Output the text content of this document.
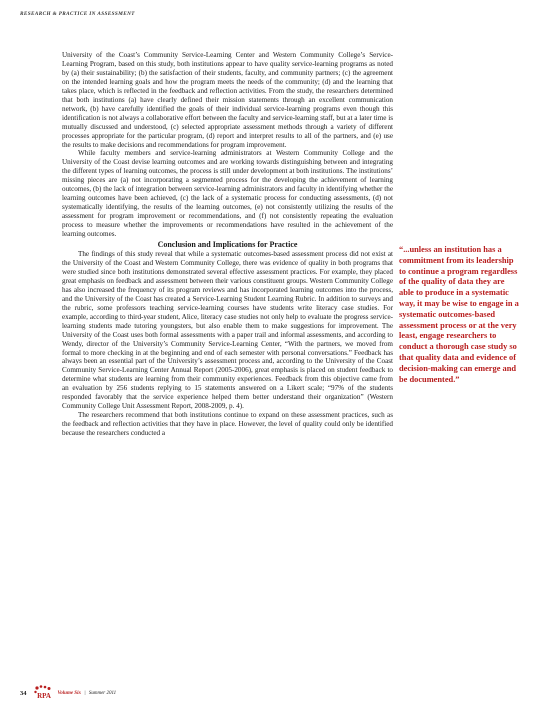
RESEARCH & PRACTICE IN ASSESSMENT

University of the Coast’s Community Service-Learning Center and Western Community College’s Service-Learning Program, based on this study, both institutions appear to have quality service-learning programs as noted by (a) their sustainability; (b) the satisfaction of their students, faculty, and community partners; (c) the agreement on the intended learning goals and how the program meets the needs of the community; (d) and the learning that takes place, which is reflected in the feedback and reflection activities. From the study, the researchers determined that both institutions (a) have clearly defined their mission statements through an excellent communication network, (b) have carefully identified the goals of their individual service-learning programs even though this identification is not always a collaborative effort between the faculty and service-learning staff, but at a later time is mutually discussed and understood, (c) selected appropriate assessment methods through a variety of different processes appropriate for the particular program, (d) report and interpret results to all of the partners, and (e) use the results to make decisions and recommendations for program improvement.

While faculty members and service-learning administrators at Western Community College and the University of the Coast devise learning outcomes and are working towards distinguishing between and integrating the different types of learning outcomes, the process is still under development at both institutions. The institutions’ missing pieces are (a) not incorporating a segmented process for the developing the achievement of learning outcomes, (b) the lack of integration between service-learning administrators and faculty in identifying whether the learning outcomes have been achieved, (c) the lack of a systematic process for conducting assessments, (d) not systematically identifying, the results of the learning outcomes, (e) not consistently utilizing the results of the assessment for program improvement or recommendations, and (f) not consistently repeating the evaluation process to measure whether the improvements or recommendations have resulted in the achievement of the learning outcomes.

Conclusion and Implications for Practice

The findings of this study reveal that while a systematic outcomes-based assessment process did not exist at the University of the Coast and Western Community College, there was evidence of quality in both programs that were studied since both institutions demonstrated several effective assessment practices. For example, they placed great emphasis on feedback and assessment between their various constituent groups. Western Community College has also increased the frequency of its program reviews and has incorporated learning outcomes into the process, and the University of the Coast has created a Service-Learning Student Learning Rubric. In addition to surveys and the rubric, some professors teaching service-learning courses have students write literacy case studies. For example, according to third-year student, Alice, literacy case studies not only help to evaluate the progress service-learning students made tutoring youngsters, but also enable them to make suggestions for improvement. The University of the Coast uses both formal assessments with a paper trail and informal assessments, and according to Wendy, director of the University’s Community Service-Learning Center, “With the partners, we moved from formal to more checking in at the beginning and end of each semester with personal conversations.” Feedback has always been an essential part of the University’s assessment process and, according to the University of the Coast Community Service-Learning Center Annual Report (2005-2006), great emphasis is placed on student feedback to determine what students are learning from their community experiences. Feedback from this objective came from an evaluation by 256 students replying to 15 statements answered on a Likert scale; “97% of the students responded favorably that the service experience helped them better understand their organization” (Western Community College Unit Assessment Report, 2008-2009, p. 4).

The researchers recommend that both institutions continue to expand on these assessment practices, such as the feedback and reflection activities that they have in place. However, the level of quality could only be identified because the researchers conducted a

“...unless an institution has a commitment from its leadership to continue a program regardless of the quality of data they are able to produce in a systematic way, it may be wise to engage in a systematic outcomes-based assessment process or at the very least, engage researchers to conduct a thorough case study so that quality data and evidence of decision-making can emerge and be documented.”
34 RPA Volume Six | Summer 2011
